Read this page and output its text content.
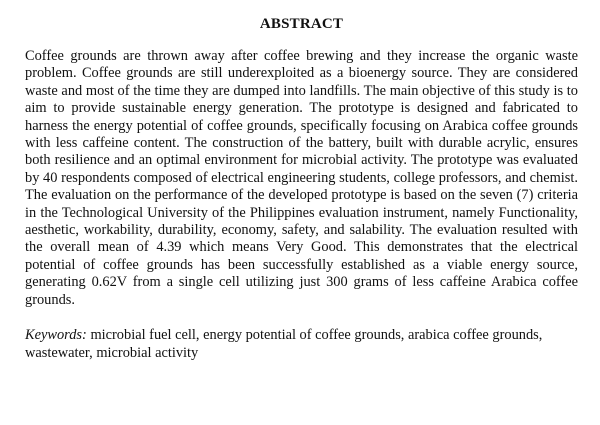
ABSTRACT

Coffee grounds are thrown away after coffee brewing and they increase the organic waste problem. Coffee grounds are still underexploited as a bioenergy source. They are considered waste and most of the time they are dumped into landfills. The main objective of this study is to aim to provide sustainable energy generation. The prototype is designed and fabricated to harness the energy potential of coffee grounds, specifically focusing on Arabica coffee grounds with less caffeine content. The construction of the battery, built with durable acrylic, ensures both resilience and an optimal environment for microbial activity. The prototype was evaluated by 40 respondents composed of electrical engineering students, college professors, and chemist. The evaluation on the performance of the developed prototype is based on the seven (7) criteria in the Technological University of the Philippines evaluation instrument, namely Functionality, aesthetic, workability, durability, economy, safety, and salability. The evaluation resulted with the overall mean of 4.39 which means Very Good. This demonstrates that the electrical potential of coffee grounds has been successfully established as a viable energy source, generating 0.62V from a single cell utilizing just 300 grams of less caffeine Arabica coffee grounds.

Keywords: microbial fuel cell, energy potential of coffee grounds, arabica coffee grounds, wastewater, microbial activity
